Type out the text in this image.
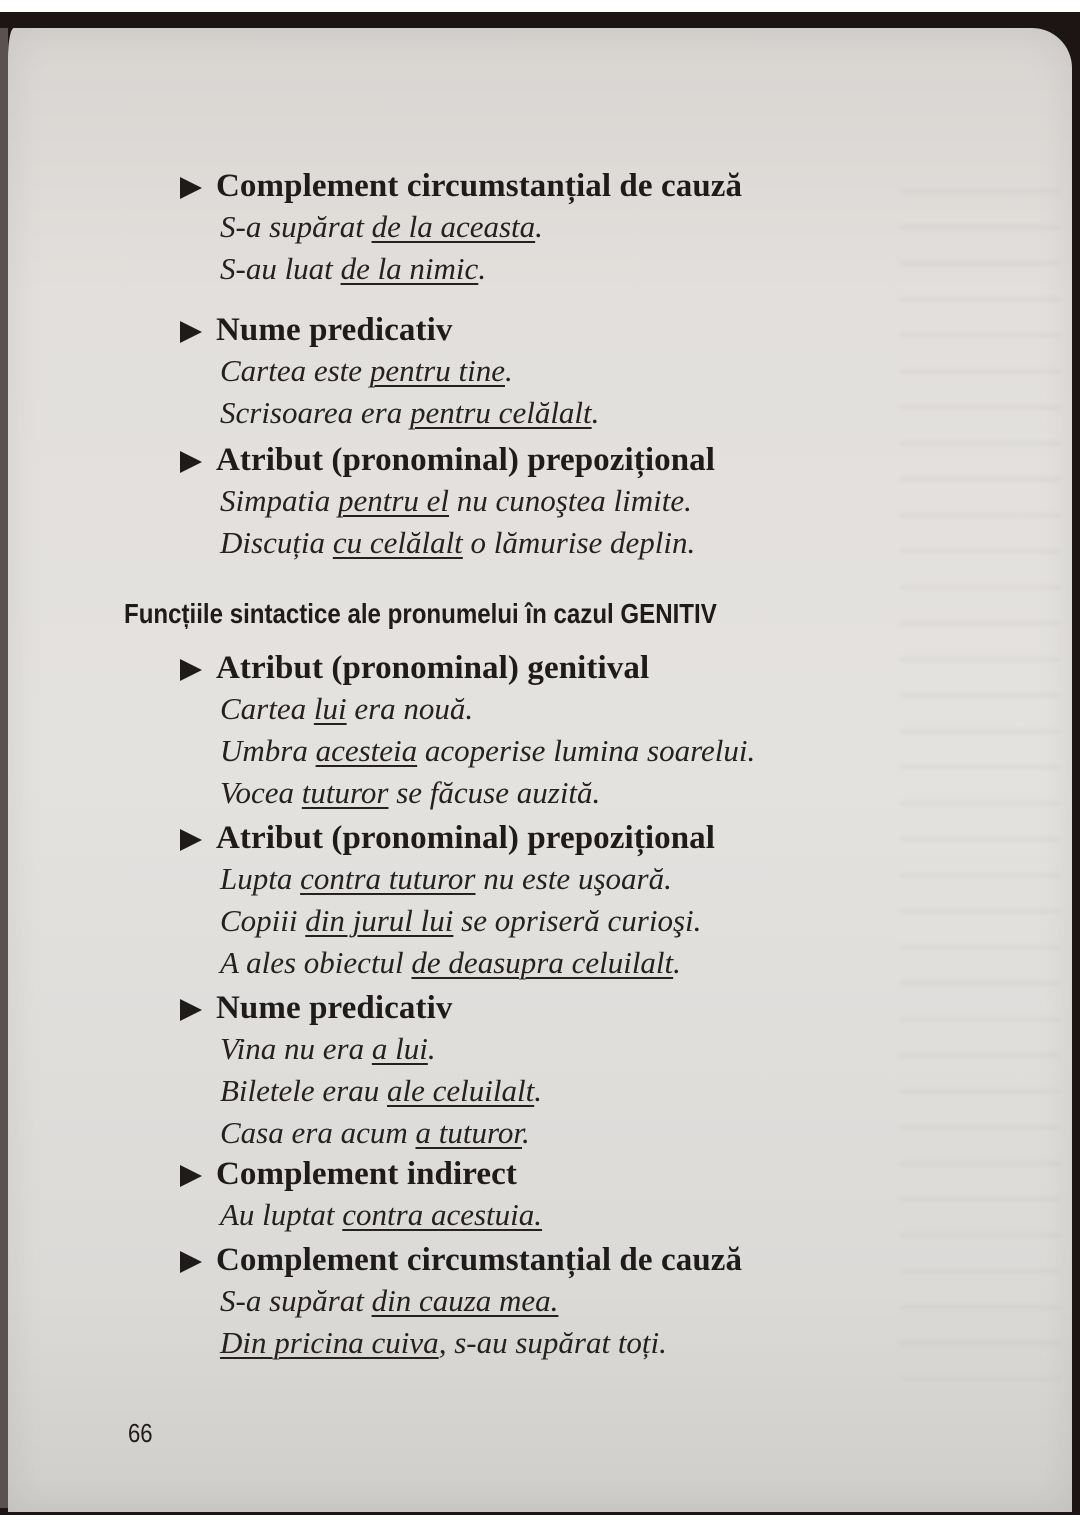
Complement circumstanțial de cauză
S-a supărat de la aceasta.
S-au luat de la nimic.
Nume predicativ
Cartea este pentru tine.
Scrisoarea era pentru celălalt.
Atribut (pronominal) prepozițional
Simpatia pentru el nu cunoştea limite.
Discuția cu celălalt o lămurise deplin.
Funcțiile sintactice ale pronumelui în cazul GENITIV
Atribut (pronominal) genitival
Cartea lui era nouă.
Umbra acesteia acoperise lumina soarelui.
Vocea tuturor se făcuse auzită.
Atribut (pronominal) prepozițional
Lupta contra tuturor nu este uşoară.
Copiii din jurul lui se opriseră curioşi.
A ales obiectul de deasupra celuilalt.
Nume predicativ
Vina nu era a lui.
Biletele erau ale celuilalt.
Casa era acum a tuturor.
Complement indirect
Au luptat contra acestuia.
Complement circumstanțial de cauză
S-a supărat din cauza mea.
Din pricina cuiva, s-au supărat toți.
66
